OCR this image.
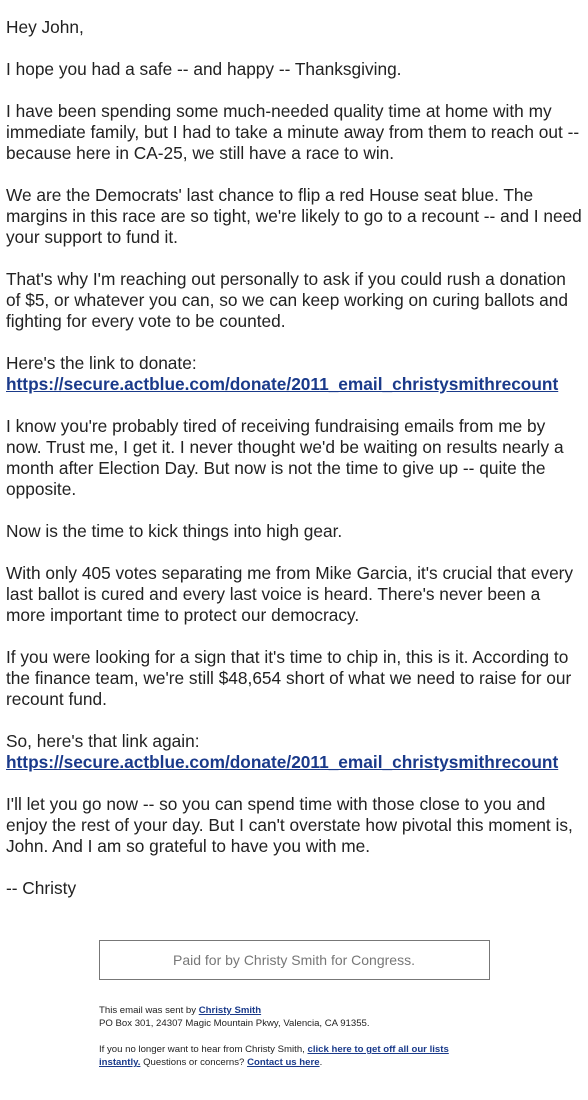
Hey John,

I hope you had a safe -- and happy -- Thanksgiving.

I have been spending some much-needed quality time at home with my immediate family, but I had to take a minute away from them to reach out -- because here in CA-25, we still have a race to win.

We are the Democrats' last chance to flip a red House seat blue. The margins in this race are so tight, we're likely to go to a recount -- and I need your support to fund it.

That's why I'm reaching out personally to ask if you could rush a donation of $5, or whatever you can, so we can keep working on curing ballots and fighting for every vote to be counted.

Here's the link to donate:
https://secure.actblue.com/donate/2011_email_christysmithrecount

I know you're probably tired of receiving fundraising emails from me by now. Trust me, I get it. I never thought we'd be waiting on results nearly a month after Election Day. But now is not the time to give up -- quite the opposite.

Now is the time to kick things into high gear.

With only 405 votes separating me from Mike Garcia, it's crucial that every last ballot is cured and every last voice is heard. There's never been a more important time to protect our democracy.

If you were looking for a sign that it's time to chip in, this is it. According to the finance team, we're still $48,654 short of what we need to raise for our recount fund.

So, here's that link again:
https://secure.actblue.com/donate/2011_email_christysmithrecount

I'll let you go now -- so you can spend time with those close to you and enjoy the rest of your day. But I can't overstate how pivotal this moment is, John. And I am so grateful to have you with me.

-- Christy

Paid for by Christy Smith for Congress.

This email was sent by Christy Smith
PO Box 301, 24307 Magic Mountain Pkwy, Valencia, CA 91355.

If you no longer want to hear from Christy Smith, click here to get off all our lists instantly. Questions or concerns? Contact us here.
